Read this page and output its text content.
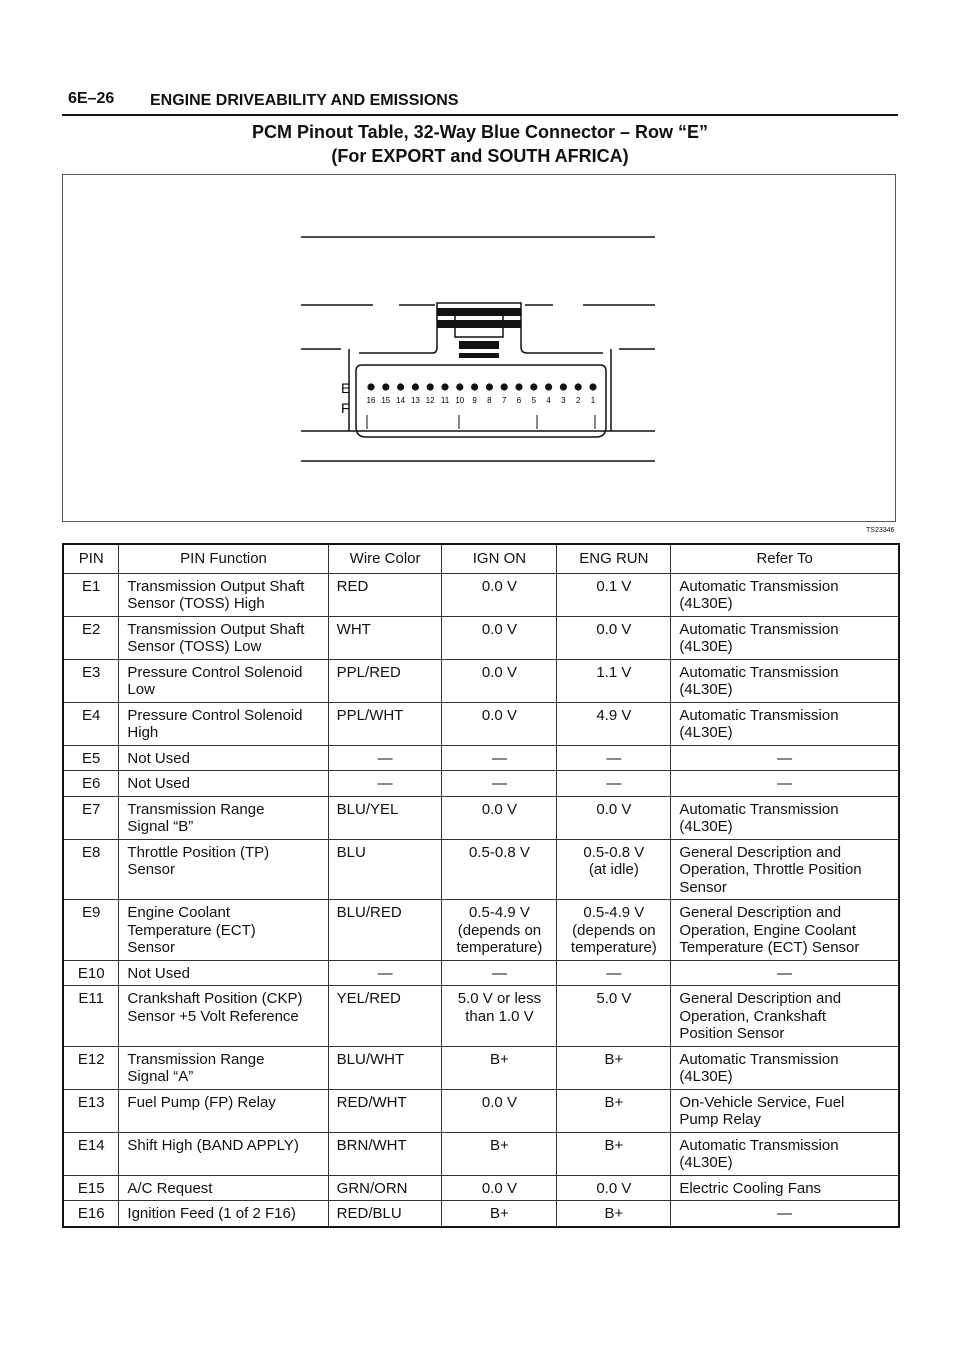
6E–26 ENGINE DRIVEABILITY AND EMISSIONS
PCM Pinout Table, 32-Way Blue Connector – Row “E”
(For EXPORT and SOUTH AFRICA)
E
F 16 15 14 13 12 11 10 9 8 7 6 5 4 3 2 1
TS23346
PIN	PIN Function	Wire Color	IGN ON	ENG RUN	Refer To
E1	Transmission Output Shaft
Sensor (TOSS) High	RED	0.0 V	0.1 V	Automatic Transmission
(4L30E)
E2	Transmission Output Shaft
Sensor (TOSS) Low	WHT	0.0 V	0.0 V	Automatic Transmission
(4L30E)
E3	Pressure Control Solenoid
Low	PPL/RED	0.0 V	1.1 V	Automatic Transmission
(4L30E)
E4	Pressure Control Solenoid
High	PPL/WHT	0.0 V	4.9 V	Automatic Transmission
(4L30E)
E5	Not Used	—	—	—	—
E6	Not Used	—	—	—	—
E7	Transmission Range
Signal “B”	BLU/YEL	0.0 V	0.0 V	Automatic Transmission
(4L30E)
E8	Throttle Position (TP)
Sensor	BLU	0.5-0.8 V	0.5-0.8 V
(at idle)	General Description and
Operation, Throttle Position
Sensor
E9	Engine Coolant
Temperature (ECT)
Sensor	BLU/RED	0.5-4.9 V
(depends on
temperature)	0.5-4.9 V
(depends on
temperature)	General Description and
Operation, Engine Coolant
Temperature (ECT) Sensor
E10	Not Used	—	—	—	—
E11	Crankshaft Position (CKP)
Sensor +5 Volt Reference	YEL/RED	5.0 V or less
than 1.0 V	5.0 V	General Description and
Operation, Crankshaft
Position Sensor
E12	Transmission Range
Signal “A”	BLU/WHT	B+	B+	Automatic Transmission
(4L30E)
E13	Fuel Pump (FP) Relay	RED/WHT	0.0 V	B+	On-Vehicle Service, Fuel
Pump Relay
E14	Shift High (BAND APPLY)	BRN/WHT	B+	B+	Automatic Transmission
(4L30E)
E15	A/C Request	GRN/ORN	0.0 V	0.0 V	Electric Cooling Fans
E16	Ignition Feed (1 of 2 F16)	RED/BLU	B+	B+	—
